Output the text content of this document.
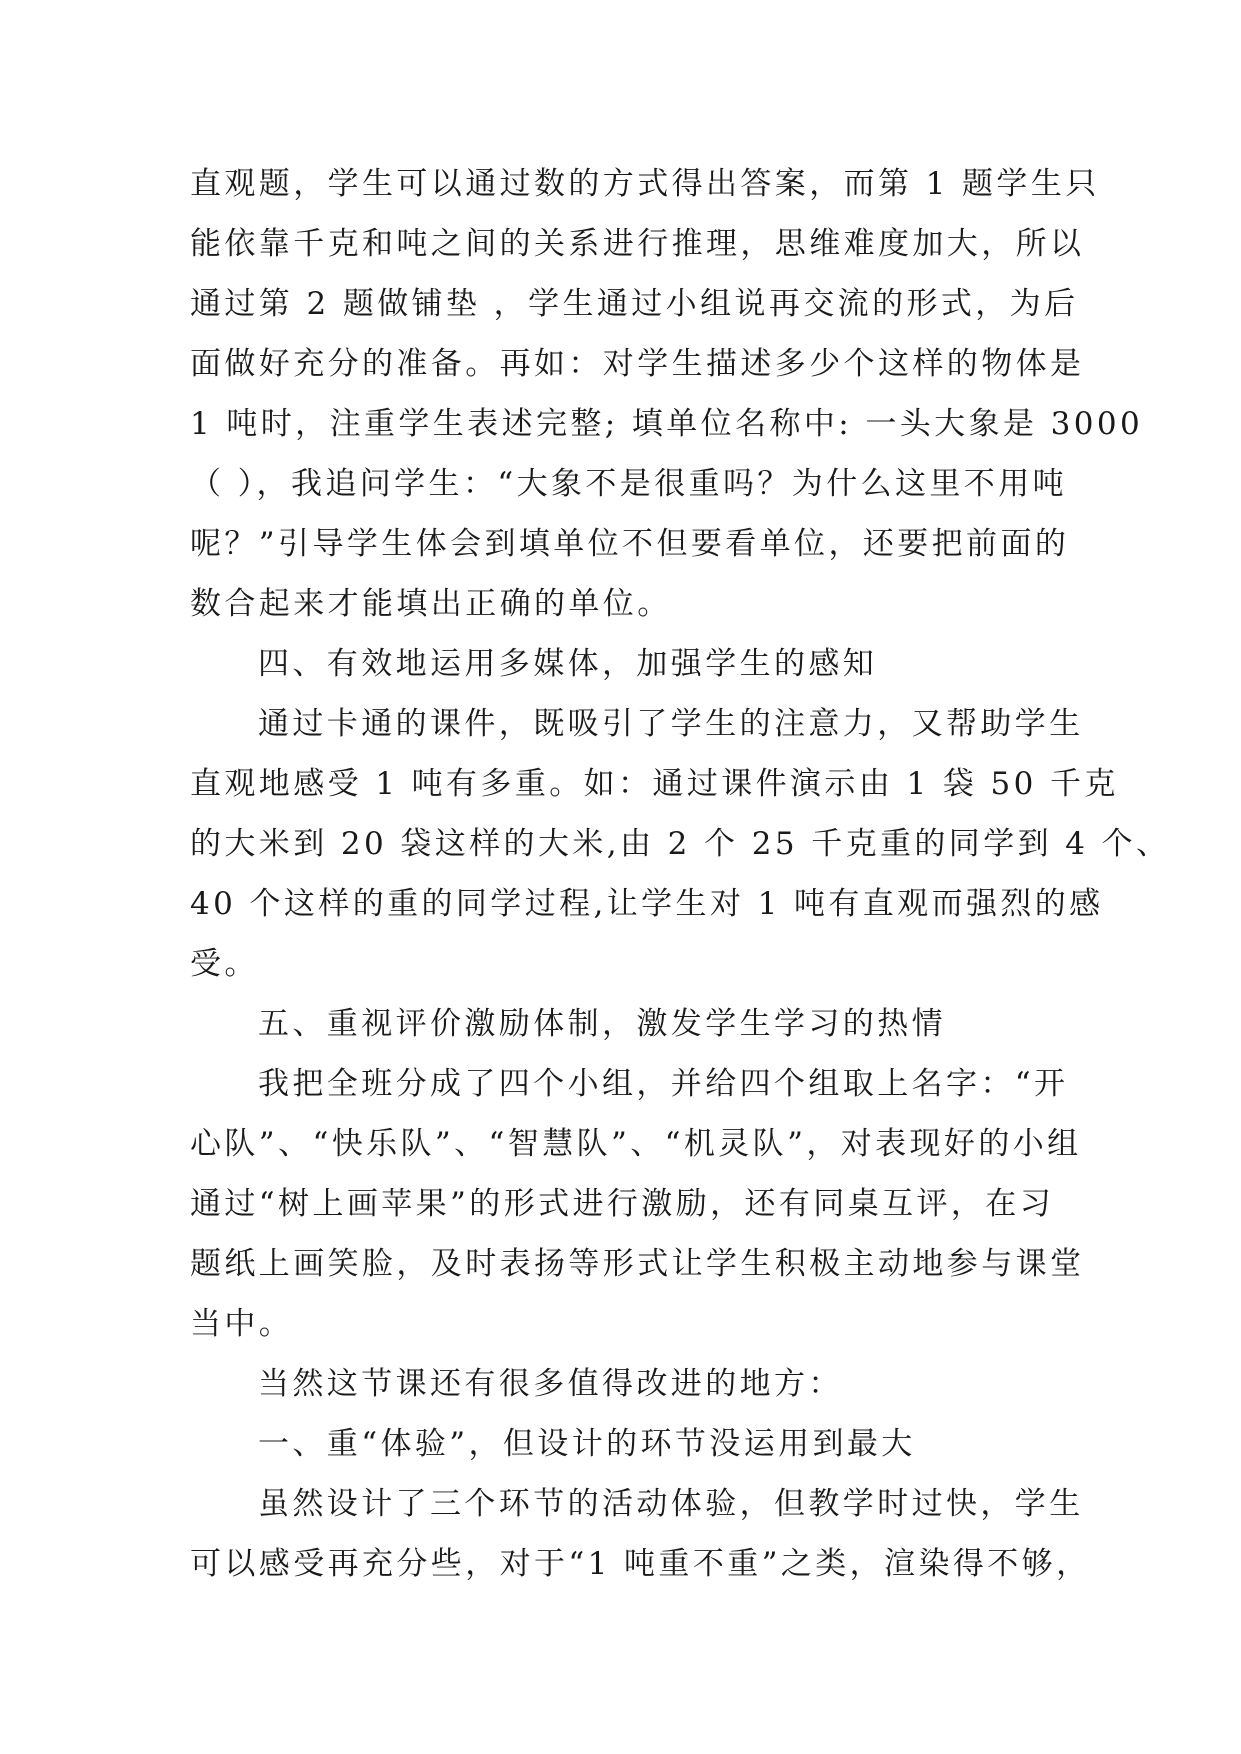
直观题，学生可以通过数的方式得出答案，而第 1 题学生只
能依靠千克和吨之间的关系进行推理，思维难度加大，所以
通过第 2 题做铺垫 ，学生通过小组说再交流的形式，为后
面做好充分的准备。再如：对学生描述多少个这样的物体是
1 吨时，注重学生表述完整; 填单位名称中: 一头大象是 3000
（ ），我追问学生：“大象不是很重吗？为什么这里不用吨
呢？”引导学生体会到填单位不但要看单位，还要把前面的
数合起来才能填出正确的单位。

四、有效地运用多媒体，加强学生的感知

通过卡通的课件，既吸引了学生的注意力，又帮助学生
直观地感受 1 吨有多重。如：通过课件演示由 1 袋 50 千克
的大米到 20 袋这样的大米,由 2 个 25 千克重的同学到 4 个、
40 个这样的重的同学过程,让学生对 1 吨有直观而强烈的感
受。

五、重视评价激励体制，激发学生学习的热情

我把全班分成了四个小组，并给四个组取上名字：“开
心队”、“快乐队”、“智慧队”、“机灵队”，对表现好的小组
通过“树上画苹果”的形式进行激励，还有同桌互评，在习
题纸上画笑脸，及时表扬等形式让学生积极主动地参与课堂
当中。

当然这节课还有很多值得改进的地方：

一、重“体验”，但设计的环节没运用到最大

虽然设计了三个环节的活动体验，但教学时过快，学生
可以感受再充分些，对于“1 吨重不重”之类，渲染得不够，
